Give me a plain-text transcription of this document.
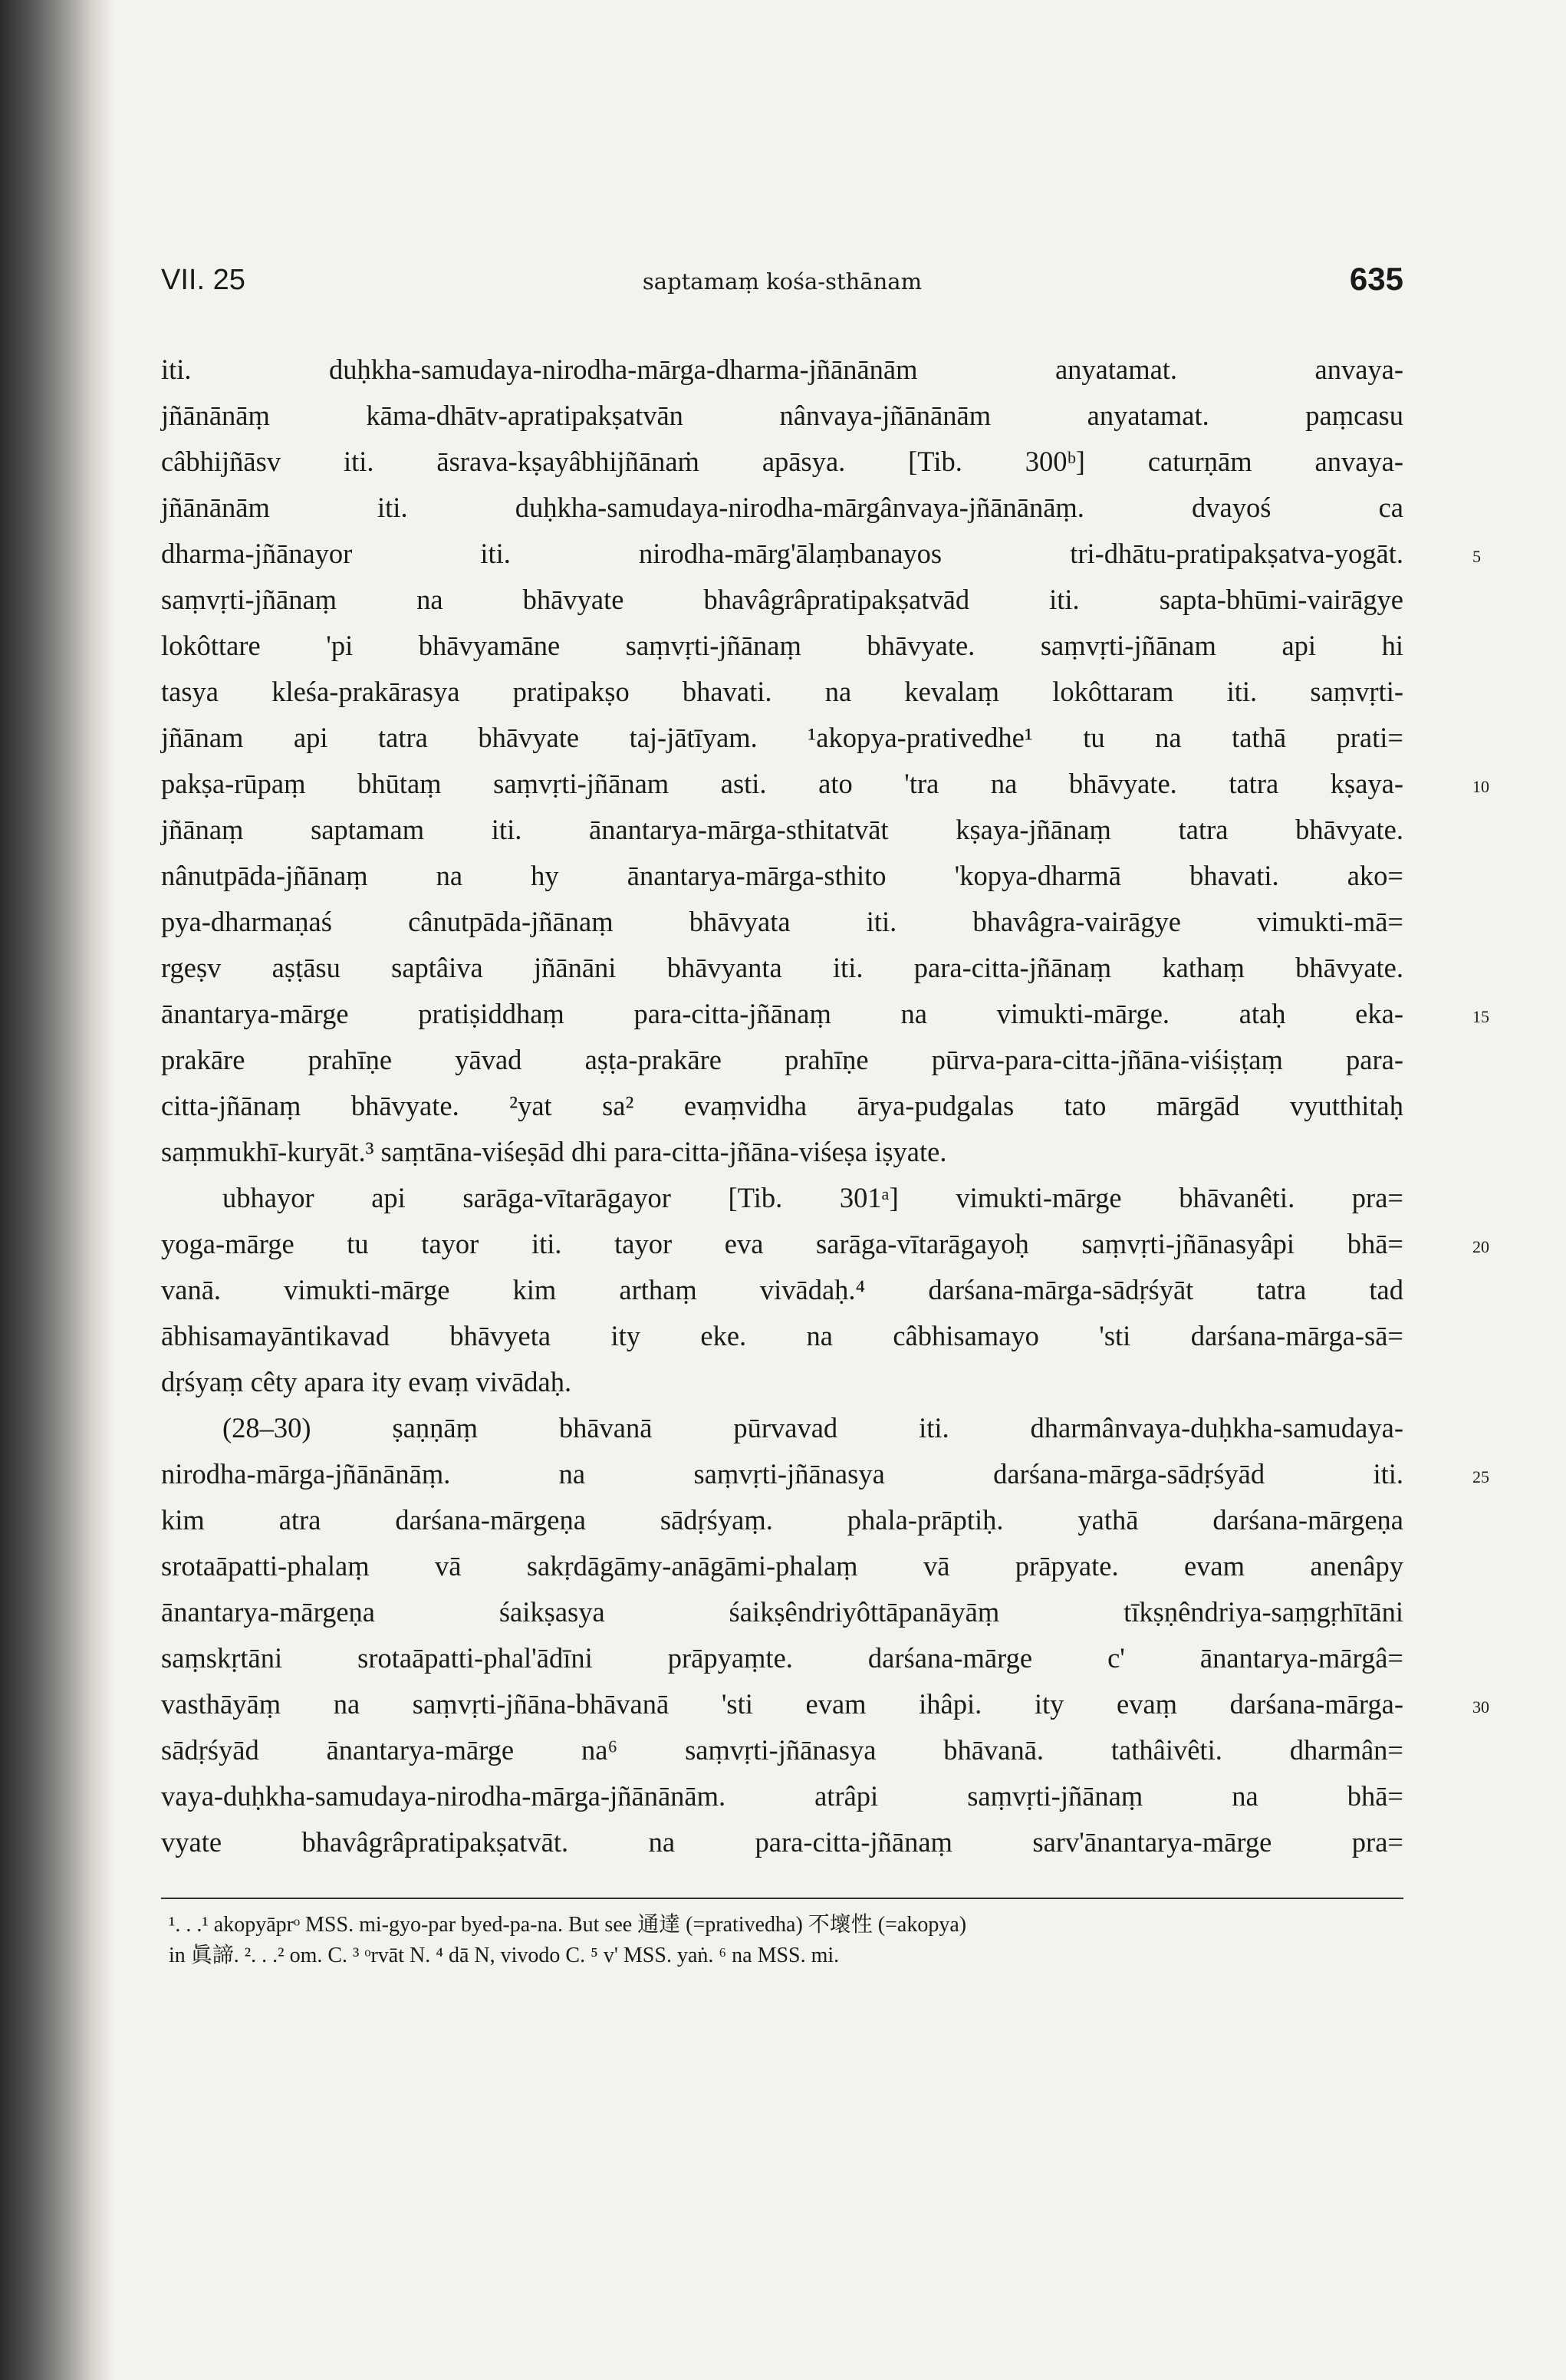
VII. 25	saptamaṃ kośa-sthānam	635
iti. duḥkha-samudaya-nirodha-mārga-dharma-jñānānām anyatamat. anvaya-
jñānānāṃ kāma-dhātv-apratipakṣatvān nânvaya-jñānānām anyatamat. paṃcasu
câbhijñāsv iti. āsrava-kṣayâbhijñānaṁ apāsya. [Tib. 300ᵇ] caturṇām anvaya-
jñānānām iti. duḥkha-samudaya-nirodha-mārgânvaya-jñānānāṃ. dvayoś ca
dharma-jñānayor iti. nirodha-mārg'ālaṃbanayos tri-dhātu-pratipakṣatva-yogāt.	5
saṃvṛti-jñānaṃ na bhāvyate bhavâgrâpratipakṣatvād iti. sapta-bhūmi-vairāgye
lokôttare 'pi bhāvyamāne saṃvṛti-jñānaṃ bhāvyate. saṃvṛti-jñānam api hi
tasya kleśa-prakārasya pratipakṣo bhavati. na kevalaṃ lokôttaram iti. saṃvṛti-
jñānam api tatra bhāvyate taj-jātīyam. ¹akopya-prativedhe¹ tu na tathā prati=
pakṣa-rūpaṃ bhūtaṃ saṃvṛti-jñānam asti. ato 'tra na bhāvyate. tatra kṣaya-	10
jñānaṃ saptamam iti. ānantarya-mārga-sthitatvāt kṣaya-jñānaṃ tatra bhāvyate.
nânutpāda-jñānaṃ na hy ānantarya-mārga-sthito 'kopya-dharmā bhavati. ako=
pya-dharmaṇaś cânutpāda-jñānaṃ bhāvyata iti. bhavâgra-vairāgye vimukti-mā=
rgeṣv aṣṭāsu saptâiva jñānāni bhāvyanta iti. para-citta-jñānaṃ kathaṃ bhāvyate.
ānantarya-mārge pratiṣiddhaṃ para-citta-jñānaṃ na vimukti-mārge. ataḥ eka-	15
prakāre prahīṇe yāvad aṣṭa-prakāre prahīṇe pūrva-para-citta-jñāna-viśiṣṭaṃ para-
citta-jñānaṃ bhāvyate. ²yat sa² evaṃvidha ārya-pudgalas tato mārgād vyutthitaḥ
saṃmukhī-kuryāt.³ saṃtāna-viśeṣād dhi para-citta-jñāna-viśeṣa iṣyate.
ubhayor api sarāga-vītarāgayor [Tib. 301ᵃ] vimukti-mārge bhāvanêti. pra=
yoga-mārge tu tayor iti. tayor eva sarāga-vītarāgayoḥ saṃvṛti-jñānasyâpi bhā=	20
vanā. vimukti-mārge kim arthaṃ vivādaḥ.⁴ darśana-mārga-sādṛśyāt tatra tad
ābhisamayāntikavad bhāvyeta ity eke. na câbhisamayo 'sti darśana-mārga-sā=
dṛśyaṃ cêty apara ity evaṃ vivādaḥ.
(28–30) ṣaṇṇāṃ bhāvanā pūrvavad iti. dharmânvaya-duḥkha-samudaya-
nirodha-mārga-jñānānāṃ. na saṃvṛti-jñānasya darśana-mārga-sādṛśyād iti.	25
kim atra darśana-mārgeṇa sādṛśyaṃ. phala-prāptiḥ. yathā darśana-mārgeṇa
srotaāpatti-phalaṃ vā sakṛdāgāmy-anāgāmi-phalaṃ vā prāpyate. evam anenâpy
ānantarya-mārgeṇa śaikṣasya śaikṣêndriyôttāpanāyāṃ tīkṣṇêndriya-saṃgṛhītāni
saṃskṛtāni srotaāpatti-phal'ādīni prāpyaṃte. darśana-mārge c' ānantarya-mārgâ=
vasthāyāṃ na saṃvṛti-jñāna-bhāvanā 'sti evam ihâpi. ity evaṃ darśana-mārga-	30
sādṛśyād ānantarya-mārge na⁶ saṃvṛti-jñānasya bhāvanā. tathâivêti. dharmân=
vaya-duḥkha-samudaya-nirodha-mārga-jñānānām. atrâpi saṃvṛti-jñānaṃ na bhā=
vyate bhavâgrâpratipakṣatvāt. na para-citta-jñānaṃ sarv'ānantarya-mārge pra=
¹. . .¹ akopyāprᵒ MSS. mi-gyo-par byed-pa-na. But see 通達 (=prativedha) 不壞性 (=akopya)
in 眞諦. ². . .² om. C. ³ ᵒrvāt N. ⁴ dā N, vivodo C. ⁵ v' MSS. yaṅ. ⁶ na MSS. mi.
